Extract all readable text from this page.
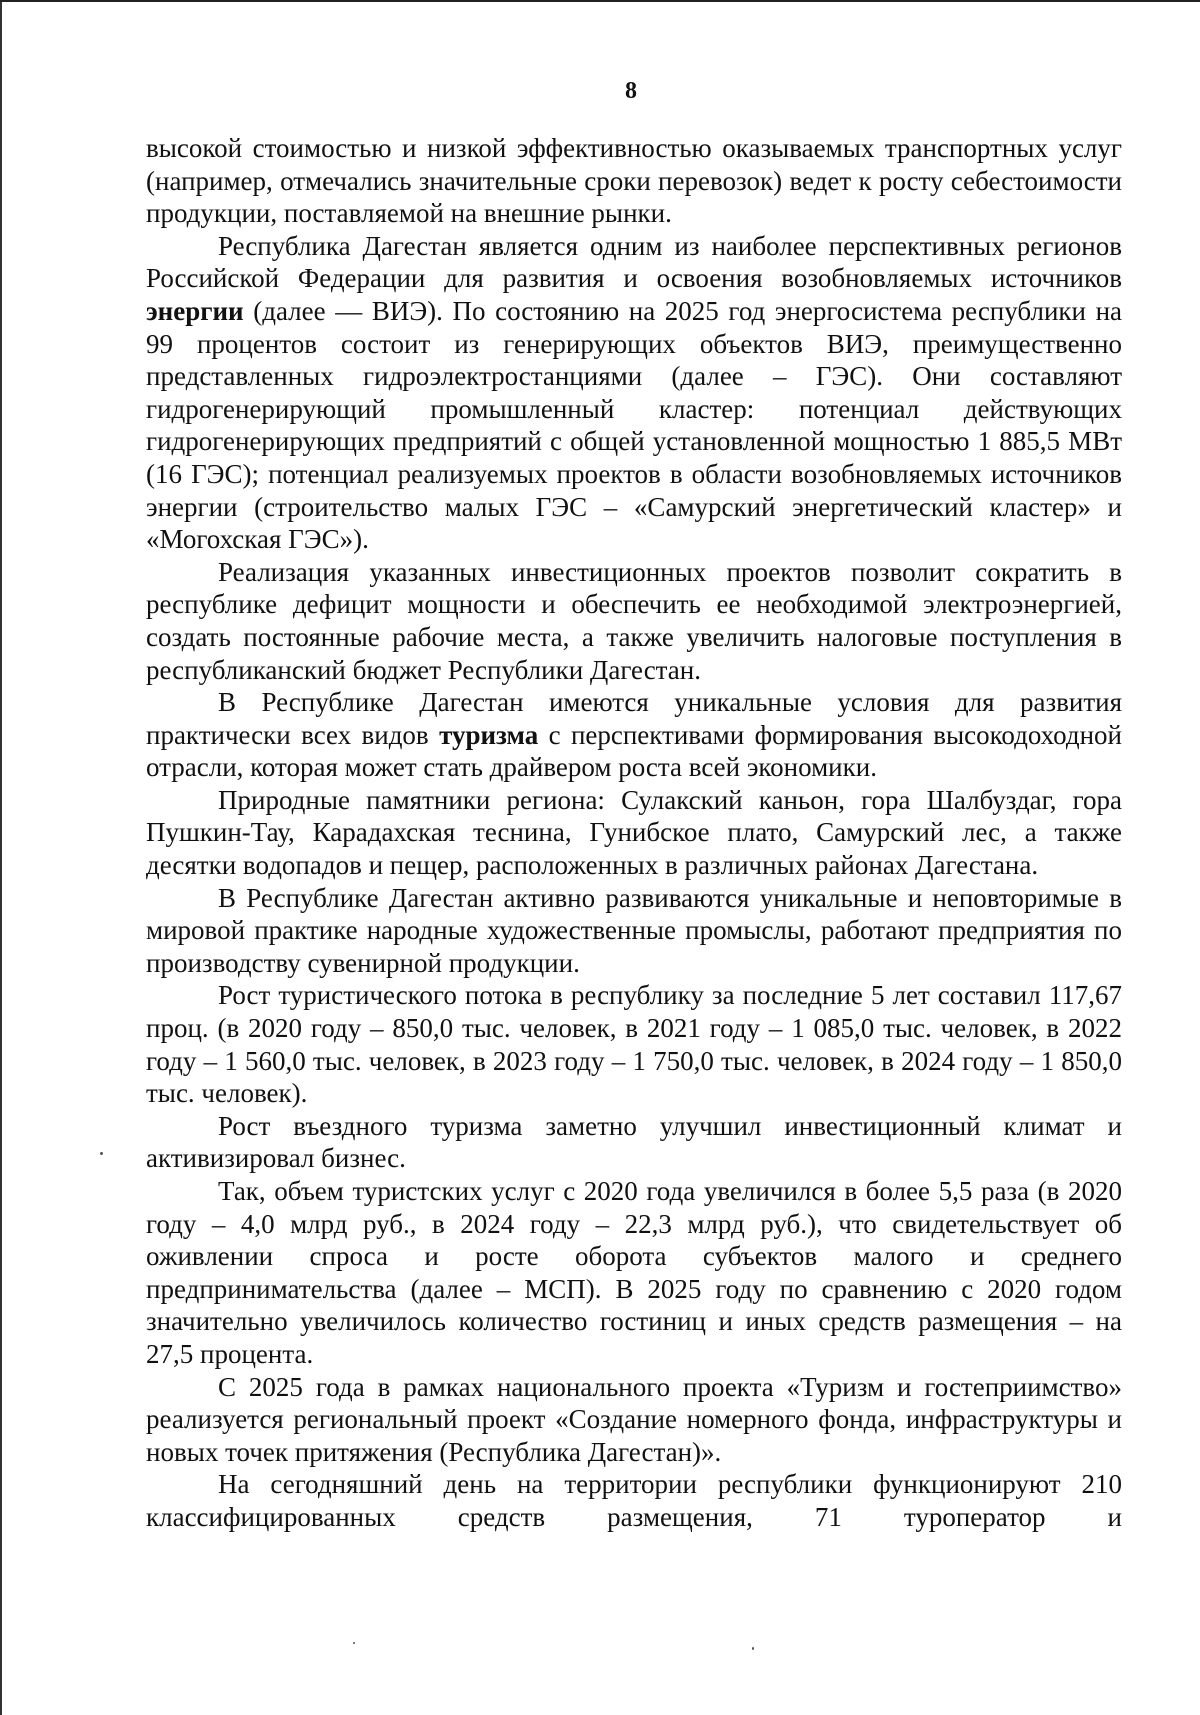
8

высокой стоимостью и низкой эффективностью оказываемых транспортных услуг (например, отмечались значительные сроки перевозок) ведет к росту себестоимости продукции, поставляемой на внешние рынки.

Республика Дагестан является одним из наиболее перспективных регионов Российской Федерации для развития и освоения возобновляемых источников энергии (далее — ВИЭ). По состоянию на 2025 год энергосистема республики на 99 процентов состоит из генерирующих объектов ВИЭ, преимущественно представленных гидроэлектростанциями (далее – ГЭС). Они составляют гидрогенерирующий промышленный кластер: потенциал действующих гидрогенерирующих предприятий с общей установленной мощностью 1 885,5 МВт (16 ГЭС); потенциал реализуемых проектов в области возобновляемых источников энергии (строительство малых ГЭС – «Самурский энергетический кластер» и «Могохская ГЭС»).

Реализация указанных инвестиционных проектов позволит сократить в республике дефицит мощности и обеспечить ее необходимой электроэнергией, создать постоянные рабочие места, а также увеличить налоговые поступления в республиканский бюджет Республики Дагестан.

В Республике Дагестан имеются уникальные условия для развития практически всех видов туризма с перспективами формирования высокодоходной отрасли, которая может стать драйвером роста всей экономики.

Природные памятники региона: Сулакский каньон, гора Шалбуздаг, гора Пушкин-Тау, Карадахская теснина, Гунибское плато, Самурский лес, а также десятки водопадов и пещер, расположенных в различных районах Дагестана.

В Республике Дагестан активно развиваются уникальные и неповторимые в мировой практике народные художественные промыслы, работают предприятия по производству сувенирной продукции.

Рост туристического потока в республику за последние 5 лет составил 117,67 проц. (в 2020 году – 850,0 тыс. человек, в 2021 году – 1 085,0 тыс. человек, в 2022 году – 1 560,0 тыс. человек, в 2023 году – 1 750,0 тыс. человек, в 2024 году – 1 850,0 тыс. человек).

Рост въездного туризма заметно улучшил инвестиционный климат и активизировал бизнес.

Так, объем туристских услуг с 2020 года увеличился в более 5,5 раза (в 2020 году – 4,0 млрд руб., в 2024 году – 22,3 млрд руб.), что свидетельствует об оживлении спроса и росте оборота субъектов малого и среднего предпринимательства (далее – МСП). В 2025 году по сравнению с 2020 годом значительно увеличилось количество гостиниц и иных средств размещения – на 27,5 процента.

С 2025 года в рамках национального проекта «Туризм и гостеприимство» реализуется региональный проект «Создание номерного фонда, инфраструктуры и новых точек притяжения (Республика Дагестан)».

На сегодняшний день на территории республики функционируют 210 классифицированных средств размещения, 71 туроператор и
